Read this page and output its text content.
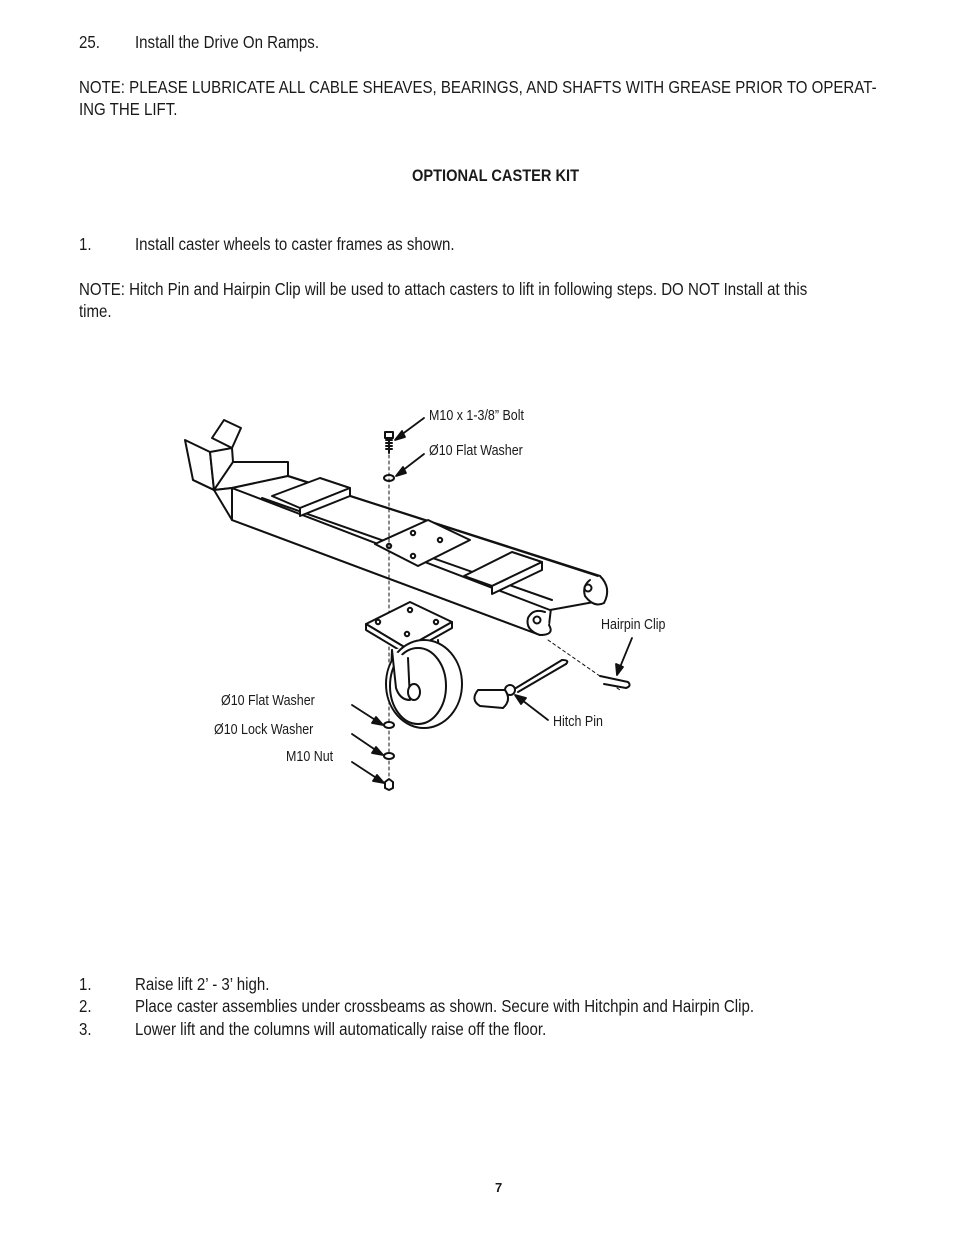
25. Install the Drive On Ramps.
NOTE: PLEASE LUBRICATE ALL CABLE SHEAVES, BEARINGS, AND SHAFTS WITH GREASE PRIOR TO OPERAT-
ING THE LIFT.
OPTIONAL CASTER KIT
1. Install caster wheels to caster frames as shown.
NOTE: Hitch Pin and Hairpin Clip will be used to attach casters to lift in following steps. DO NOT Install at this
time.
M10 x 1-3/8” Bolt
Ø10 Flat Washer
Hairpin Clip
Hitch Pin
Ø10 Flat Washer
Ø10 Lock Washer
M10 Nut
1. Raise lift 2’ - 3’ high.
2. Place caster assemblies under crossbeams as shown. Secure with Hitchpin and Hairpin Clip.
3. Lower lift and the columns will automatically raise off the floor.
7
